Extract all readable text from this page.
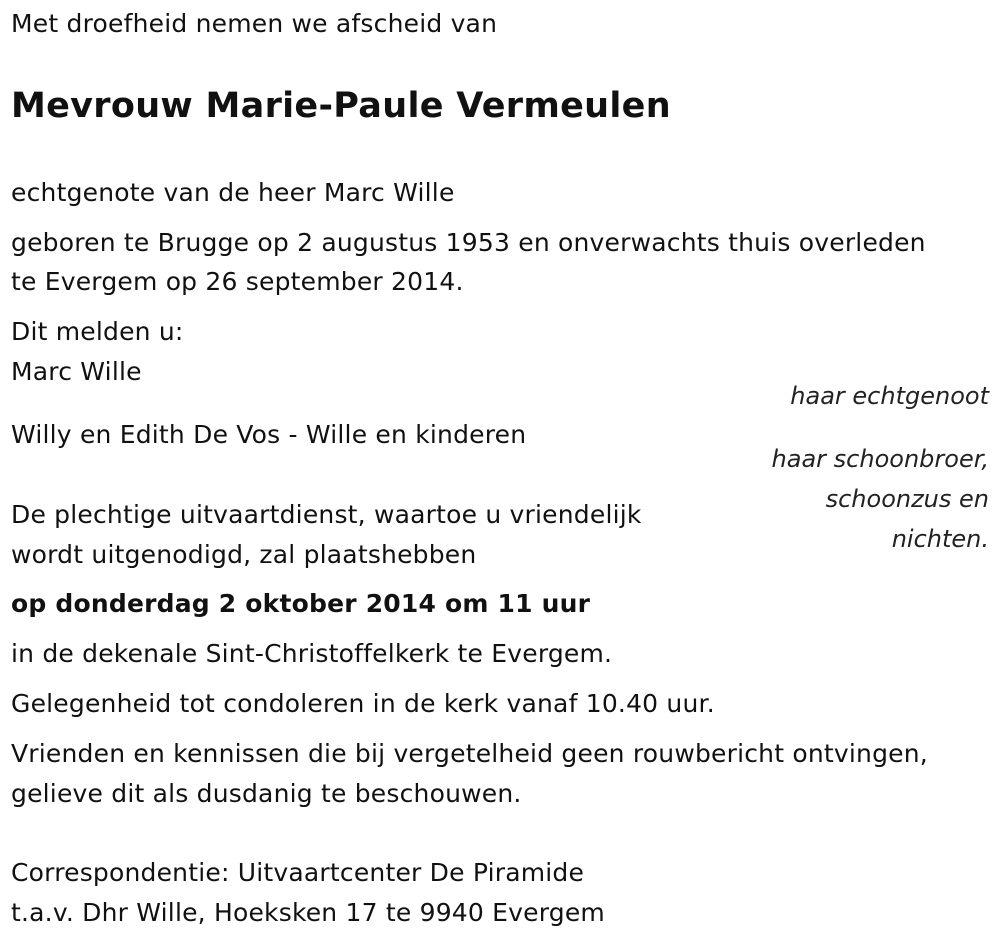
Met droefheid nemen we afscheid van
Mevrouw Marie-Paule Vermeulen
echtgenote van de heer Marc Wille
geboren te Brugge op 2 augustus 1953 en onverwachts thuis overleden
te Evergem op 26 september 2014.
Dit melden u:
Marc Wille
haar echtgenoot
Willy en Edith De Vos - Wille en kinderen
haar schoonbroer,
schoonzus en
nichten.
De plechtige uitvaartdienst, waartoe u vriendelijk
wordt uitgenodigd, zal plaatshebben
op donderdag 2 oktober 2014 om 11 uur
in de dekenale Sint-Christoffelkerk te Evergem.
Gelegenheid tot condoleren in de kerk vanaf 10.40 uur.
Vrienden en kennissen die bij vergetelheid geen rouwbericht ontvingen,
gelieve dit als dusdanig te beschouwen.
Correspondentie: Uitvaartcenter De Piramide
t.a.v. Dhr Wille, Hoeksken 17 te 9940 Evergem
